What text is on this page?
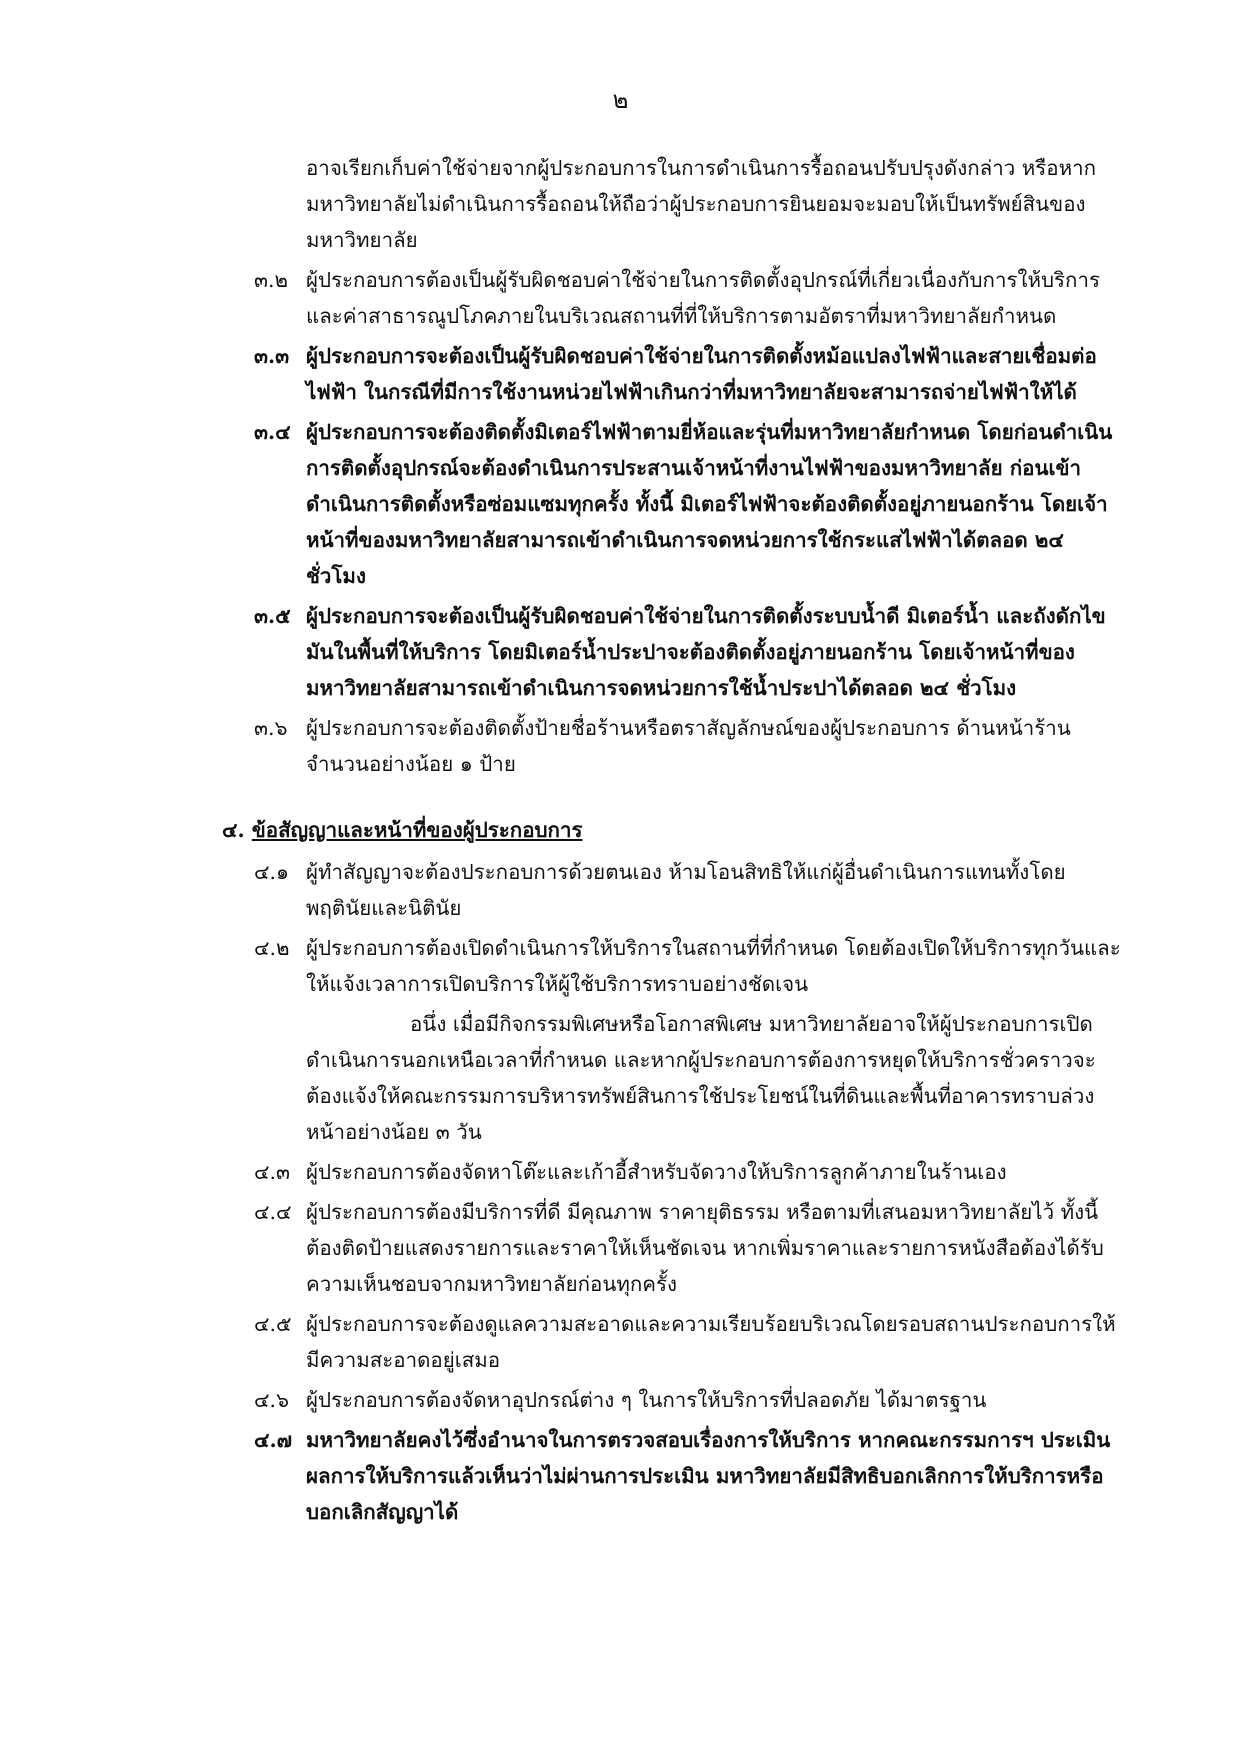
๒

อาจเรียกเก็บค่าใช้จ่ายจากผู้ประกอบการในการดำเนินการรื้อถอนปรับปรุงดังกล่าว หรือหากมหาวิทยาลัยไม่ดำเนินการรื้อถอนให้ถือว่าผู้ประกอบการยินยอมจะมอบให้เป็นทรัพย์สินของมหาวิทยาลัย

๓.๒ ผู้ประกอบการต้องเป็นผู้รับผิดชอบค่าใช้จ่ายในการติดตั้งอุปกรณ์ที่เกี่ยวเนื่องกับการให้บริการ และค่าสาธารณูปโภคภายในบริเวณสถานที่ที่ให้บริการตามอัตราที่มหาวิทยาลัยกำหนด
๓.๓ ผู้ประกอบการจะต้องเป็นผู้รับผิดชอบค่าใช้จ่ายในการติดตั้งหม้อแปลงไฟฟ้าและสายเชื่อมต่อไฟฟ้า ในกรณีที่มีการใช้งานหน่วยไฟฟ้าเกินกว่าที่มหาวิทยาลัยจะสามารถจ่ายไฟฟ้าให้ได้
๓.๔ ผู้ประกอบการจะต้องติดตั้งมิเตอร์ไฟฟ้าตามยี่ห้อและรุ่นที่มหาวิทยาลัยกำหนด โดยก่อนดำเนินการติดตั้งอุปกรณ์จะต้องดำเนินการประสานเจ้าหน้าที่งานไฟฟ้าของมหาวิทยาลัย ก่อนเข้าดำเนินการติดตั้งหรือซ่อมแซมทุกครั้ง ทั้งนี้ มิเตอร์ไฟฟ้าจะต้องติดตั้งอยู่ภายนอกร้าน โดยเจ้าหน้าที่ของมหาวิทยาลัยสามารถเข้าดำเนินการจดหน่วยการใช้กระแสไฟฟ้าได้ตลอด ๒๔ ชั่วโมง
๓.๕ ผู้ประกอบการจะต้องเป็นผู้รับผิดชอบค่าใช้จ่ายในการติดตั้งระบบน้ำดี มิเตอร์น้ำ และถังดักไขมันในพื้นที่ให้บริการ โดยมิเตอร์น้ำประปาจะต้องติดตั้งอยู่ภายนอกร้าน โดยเจ้าหน้าที่ของมหาวิทยาลัยสามารถเข้าดำเนินการจดหน่วยการใช้น้ำประปาได้ตลอด ๒๔ ชั่วโมง
๓.๖ ผู้ประกอบการจะต้องติดตั้งป้ายชื่อร้านหรือตราสัญลักษณ์ของผู้ประกอบการ ด้านหน้าร้าน จำนวนอย่างน้อย ๑ ป้าย
๔. ข้อสัญญาและหน้าที่ของผู้ประกอบการ
๔.๑ ผู้ทำสัญญาจะต้องประกอบการด้วยตนเอง ห้ามโอนสิทธิให้แก่ผู้อื่นดำเนินการแทนทั้งโดยพฤตินัยและนิตินัย
๔.๒ ผู้ประกอบการต้องเปิดดำเนินการให้บริการในสถานที่ที่กำหนด โดยต้องเปิดให้บริการทุกวันและให้แจ้งเวลาการเปิดบริการให้ผู้ใช้บริการทราบอย่างชัดเจน

อนึ่ง เมื่อมีกิจกรรมพิเศษหรือโอกาสพิเศษ มหาวิทยาลัยอาจให้ผู้ประกอบการเปิดดำเนินการนอกเหนือเวลาที่กำหนด และหากผู้ประกอบการต้องการหยุดให้บริการชั่วคราวจะต้องแจ้งให้คณะกรรมการบริหารทรัพย์สินการใช้ประโยชน์ในที่ดินและพื้นที่อาคารทราบล่วงหน้าอย่างน้อย ๓ วัน

๔.๓ ผู้ประกอบการต้องจัดหาโต๊ะและเก้าอี้สำหรับจัดวางให้บริการลูกค้าภายในร้านเอง
๔.๔ ผู้ประกอบการต้องมีบริการที่ดี มีคุณภาพ ราคายุติธรรม หรือตามที่เสนอมหาวิทยาลัยไว้ ทั้งนี้ต้องติดป้ายแสดงรายการและราคาให้เห็นชัดเจน หากเพิ่มราคาและรายการหนังสือต้องได้รับความเห็นชอบจากมหาวิทยาลัยก่อนทุกครั้ง
๔.๕ ผู้ประกอบการจะต้องดูแลความสะอาดและความเรียบร้อยบริเวณโดยรอบสถานประกอบการให้มีความสะอาดอยู่เสมอ
๔.๖ ผู้ประกอบการต้องจัดหาอุปกรณ์ต่าง ๆ ในการให้บริการที่ปลอดภัย ได้มาตรฐาน
๔.๗ มหาวิทยาลัยคงไว้ซึ่งอำนาจในการตรวจสอบเรื่องการให้บริการ หากคณะกรรมการฯ ประเมินผลการให้บริการแล้วเห็นว่าไม่ผ่านการประเมิน มหาวิทยาลัยมีสิทธิบอกเลิกการให้บริการหรือบอกเลิกสัญญาได้
